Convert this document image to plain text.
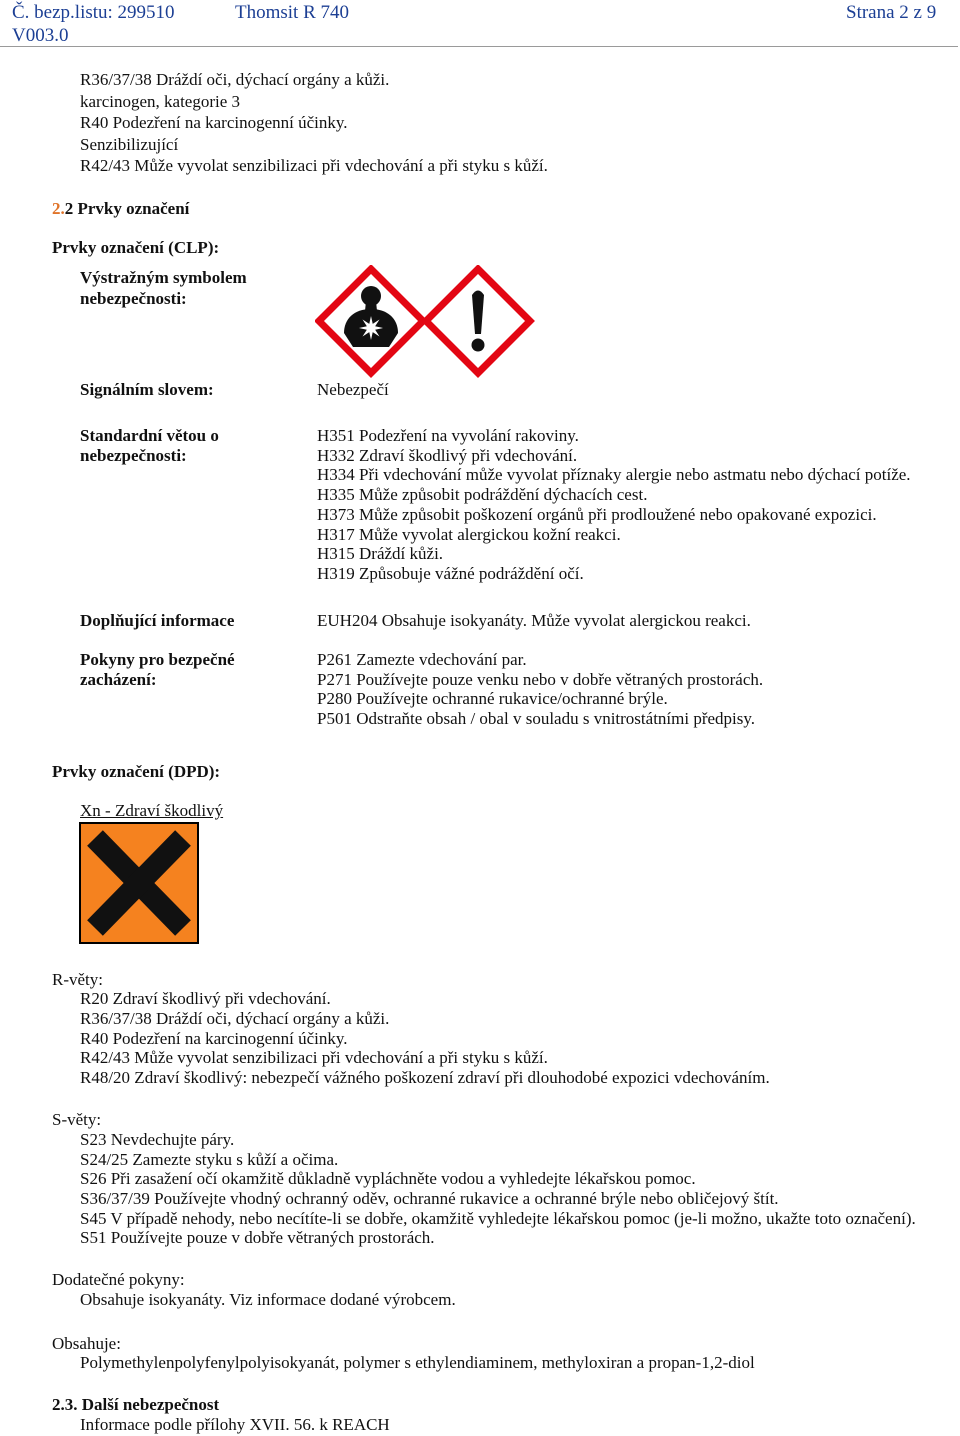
Č. bezp.listu: 299510	Thomsit R 740	Strana 2 z 9
V003.0
R36/37/38 Dráždí oči, dýchací orgány a kůži.
karcinogen, kategorie 3
R40 Podezření na karcinogenní účinky.
Senzibilizující
R42/43 Může vyvolat senzibilizaci při vdechování a při styku s kůží.
2.2 Prvky označení
Prvky označení (CLP):
Výstražným symbolem
nebezpečnosti:
Signálním slovem:	Nebezpečí
Standardní větou o
nebezpečnosti:
H351 Podezření na vyvolání rakoviny.
H332 Zdraví škodlivý při vdechování.
H334 Při vdechování může vyvolat příznaky alergie nebo astmatu nebo dýchací potíže.
H335 Může způsobit podráždění dýchacích cest.
H373 Může způsobit poškození orgánů při prodloužené nebo opakované expozici.
H317 Může vyvolat alergickou kožní reakci.
H315 Dráždí kůži.
H319 Způsobuje vážné podráždění očí.
Doplňující informace	EUH204 Obsahuje isokyanáty. Může vyvolat alergickou reakci.
Pokyny pro bezpečné
zacházení:
P261 Zamezte vdechování par.
P271 Používejte pouze venku nebo v dobře větraných prostorách.
P280 Používejte ochranné rukavice/ochranné brýle.
P501 Odstraňte obsah / obal v souladu s vnitrostátními předpisy.
Prvky označení (DPD):
Xn - Zdraví škodlivý
R-věty:
R20 Zdraví škodlivý při vdechování.
R36/37/38 Dráždí oči, dýchací orgány a kůži.
R40 Podezření na karcinogenní účinky.
R42/43 Může vyvolat senzibilizaci při vdechování a při styku s kůží.
R48/20 Zdraví škodlivý: nebezpečí vážného poškození zdraví při dlouhodobé expozici vdechováním.
S-věty:
S23 Nevdechujte páry.
S24/25 Zamezte styku s kůží a očima.
S26 Při zasažení očí okamžitě důkladně vypláchněte vodou a vyhledejte lékařskou pomoc.
S36/37/39 Používejte vhodný ochranný oděv, ochranné rukavice a ochranné brýle nebo obličejový štít.
S45 V případě nehody, nebo necítíte-li se dobře, okamžitě vyhledejte lékařskou pomoc (je-li možno, ukažte toto označení).
S51 Používejte pouze v dobře větraných prostorách.
Dodatečné pokyny:
Obsahuje isokyanáty. Viz informace dodané výrobcem.
Obsahuje:
Polymethylenpolyfenylpolyisokyanát, polymer s ethylendiaminem, methyloxiran a propan-1,2-diol
2.3. Další nebezpečnost
Informace podle přílohy XVII. 56. k REACH
